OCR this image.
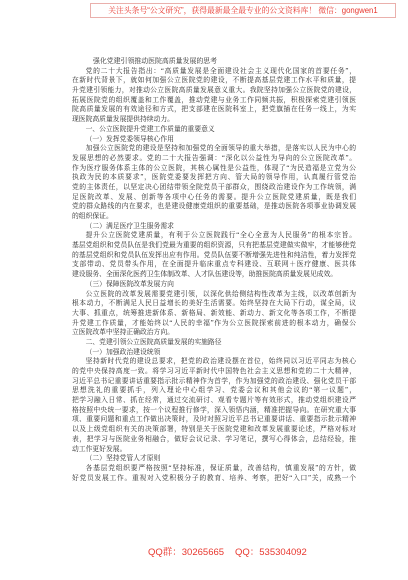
关注头条号“公文研究”，获得最新最全最专业的公文资料库！ 微信：gongwen1
强化党建引领推动医院高质量发展的思考
党的二十大报告指出：“高质量发展是全面建设社会主义现代化国家的首要任务”，
在新时代背景下，就如何加强公立医院党的建设，不断提高基层党建工作水平和质量，提
升党建引领能力，对推动公立医院高质量发展意义重大。我院坚持加强公立医院党的建设，
拓展医院党的组织覆盖和工作覆盖，推动党建与业务工作同频共振，积极探索党建引领医
院高质量发展的有效途径和方式，把支部建在医院科室上，把党旗插在任务一线上，为实
现医院高质量发展提供持续动力。
一、公立医院提升党建工作质量的重要意义
（一）发挥党委领导核心作用
加强公立医院党的建设是坚持和加强党的全面领导的重大举措，是落实以人民为中心的
发展思想的必然要求。党的二十大报告强调：“深化以公益性为导向的公立医院改革”。
作为医疗服务体系主体的公立医院，其核心属性是公益性，体现了“为民造福是立党为公
执政为民的本质要求”，医院党委要发挥把方向、管大局的领导作用，认真履行管党治
党的主体责任，以坚定决心团结带领全院党员干部群众，围绕政治建设作为工作统领，满
足医院改革、发展、创新等各项中心任务的需要。提升公立医院党建质量，既是我们
党的群众路线的内在要求，也是建设健康党组织的重要基础，是推动医院各项事业协调发展
的组织保证。
（二）满足医疗卫生服务需求
提升公立医院党建质量，有利于公立医院践行“全心全意为人民服务”的根本宗旨。
基层党组织和党员队伍是我们党最为重要的组织资源，只有把基层党建做实做牢，才能够使党
的基层党组织和党员队伍发挥出应有作用。党员队伍要不断增强先进性和纯洁性，着力发挥党
支部带动、党员带头作用，在全面提升临床重点专科建设、互联网＋医疗健康、医共体
建设服务、全面深化医药卫生体制改革、人才队伍建设等，助推医院高质量发展见成效。
（三）保障医院改革发展方向
公立医院的改革发展需要党建引领，以深化供给侧结构性改革为主线，以改革创新为
根本动力，不断满足人民日益增长的美好生活需要。始终坚持在大局下行动，谋全局，议
大事、抓重点，统筹推进新体系、新格局、新效能、新动力、新文化等各项工作，不断提
升党建工作质量，才能始终以“人民的幸福”作为公立医院探索前进的根本动力，确保公
立医院改革中坚持正确政治方向。
二、党建引领公立医院高质量发展的实施路径
（一）加强政治建设统领
坚持新时代党的建设总要求，把党的政治建设摆在首位，始终同以习近平同志为核心
的党中央保持高度一致。将学习习近平新时代中国特色社会主义思想和党的二十大精神，
习近平总书记重要讲话重要指示批示精神作为首学，作为加强党的政治建设、强化党员干部
思想洗礼的重要抓手，列入理论中心组学习、党委会议和其他会议的“第一议题”，
把学习融入日常、抓在经常，通过交流研讨、观看专题片等有效形式，推动党组织建设严
格按照中央统一要求，按一个议程推行修学，深入领悟内涵，精准把握导向。在研究重大事
项、重要问题和重点工作做出决策时，及时对照习近平总书记重要讲话、重要指示批示精神
以及上级党组织有关的决策部署，特别是关于医院党建和改革发展重要论述，严格对标对
表，把学习与医院业务相融合，做好会议记录、学习笔记，撰写心得体会，总结经验，推
动工作更好发展。
（二）坚持党管人才原则
各基层党组织要严格按照“坚持标准，保证质量，改善结构，慎重发展”的方针，做
好党员发展工作。重视对入党积极分子的教育、培养、考察，把好“入口”关，成熟一个
QQ群：30265665 QQ：535304092
